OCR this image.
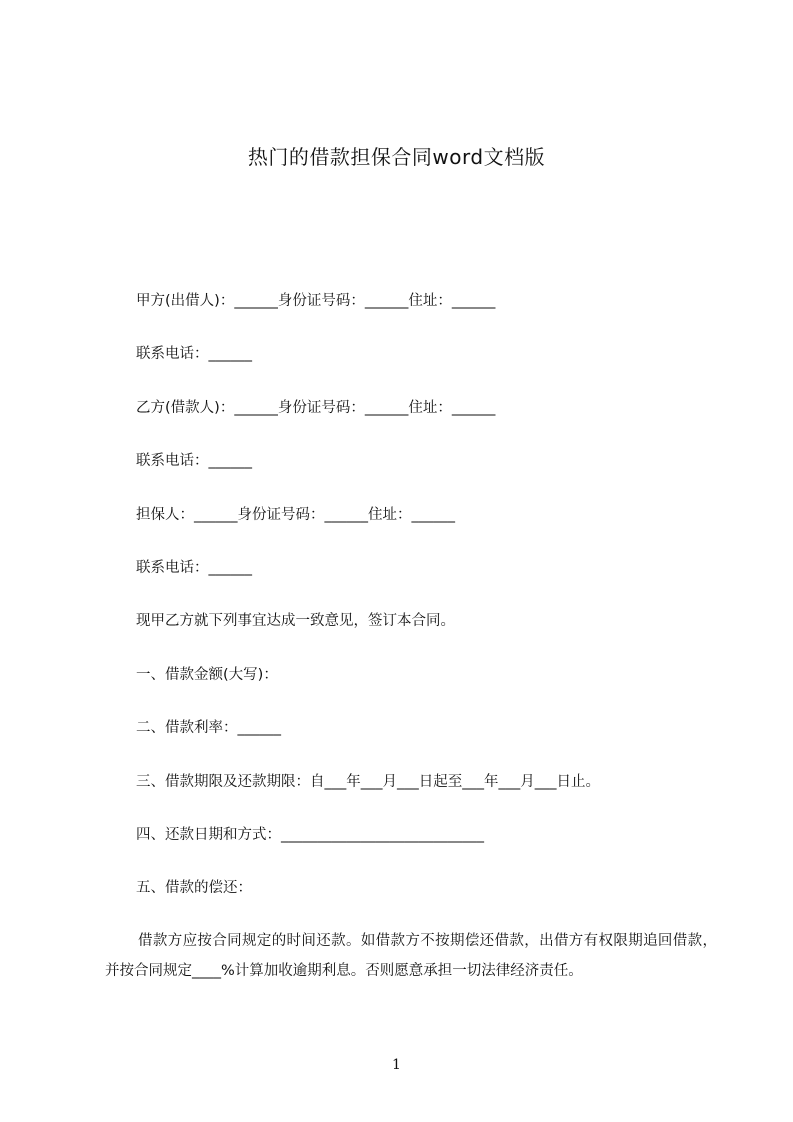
热门的借款担保合同word文档版
甲方(出借人)：______身份证号码：______住址：______
联系电话：______
乙方(借款人)：______身份证号码：______住址：______
联系电话：______
担保人：______身份证号码：______住址：______
联系电话：______
现甲乙方就下列事宜达成一致意见，签订本合同。
一、借款金额(大写)：
二、借款利率：______
三、借款期限及还款期限：自___年___月___日起至___年___月___日止。
四、还款日期和方式：____________________________
五、借款的偿还：

借款方应按合同规定的时间还款。如借款方不按期偿还借款，出借方有权限期追回借款，并按合同规定____%计算加收逾期利息。否则愿意承担一切法律经济责任。

1
